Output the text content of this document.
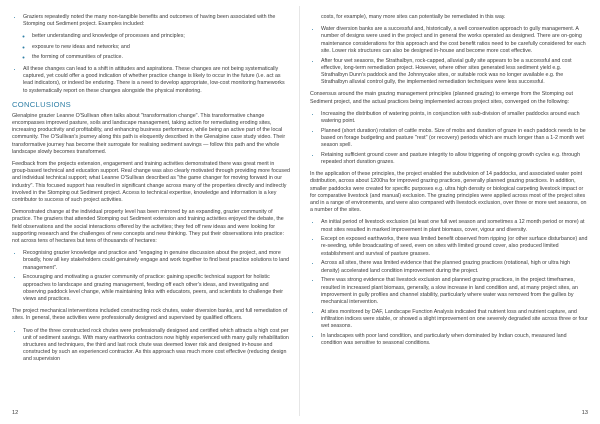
• Graziers repeatedly noted the many non-tangible benefits and outcomes of having been associated with the Stomping out Sediment project. Examples included:
◦ better understanding and knowledge of processes and principles;
◦ exposure to new ideas and networks; and
◦ the forming of communities of practice.
• All these changes can lead to a shift in attitudes and aspirations. These changes are not being systematically captured, yet could offer a good indication of whether practice change is likely to occur in the future (i.e. act as lead indicators), or indeed be enduring. There is a need to develop appropriate, low-cost monitoring frameworks to systematically report on these changes alongside the physical monitoring.
CONCLUSIONS

Glenalpine grazier Leanne O'Sullivan often talks about "transformation change". This transformative change encompasses improved pasture, soils and landscape management, taking action for remediating eroding sites, increasing productivity and profitability, and enhancing business performance, while being an active part of the local community. The O'Sullivan's journey along this path is eloquently described in the Glenalpine case study video. Their transformative journey has become their surrogate for realising sediment savings — follow this path and the whole landscape slowly becomes transformed.

Feedback from the projects extension, engagement and training activities demonstrated there was great merit in group-based technical and education support. Real change was also clearly motivated through providing more focused and individual technical support; what Leanne O'Sullivan described as "the game changer for moving forward in our industry". This focused support has resulted in significant change across many of the properties directly and indirectly involved in the Stomping out Sediment project. Access to technical expertise, knowledge and information is a key contributor to success of such project activities.

Demonstrated change at the individual property level has been mirrored by an expanding, grazier community of practice. The graziers that attended Stomping out Sediment extension and training activities enjoyed the debate, the field observations and the social interactions offered by the activities; they fed off new ideas and were looking for supporting research and the challenges of new concepts and new thinking. They put their observations into practice: not across tens of hectares but tens of thousands of hectares:

• Recognising grazier knowledge and practice and "engaging in genuine discussion about the project, and more broadly, how all key stakeholders could genuinely engage and work together to find best practice solutions to land management".
• Encouraging and motivating a grazier community of practice: gaining specific technical support for holistic approaches to landscape and grazing management, feeding off each other's ideas, and investigating and observing paddock level change, while maintaining links with educators, peers, and scientists to challenge their views and practices.

The project mechanical interventions included constructing rock chutes, water diversion banks, and full remediation of sites. In general, these activities were professionally designed and supervised by qualified officers.

• Two of the three constructed rock chutes were professionally designed and certified which attracts a high cost per unit of sediment savings. With many earthworks contractors now highly experienced with many gully rehabilitation structures and techniques, the third and last rock chute was deemed lower risk and designed in-house and constructed by such an experienced contractor. As this approach was much more cost effective (reducing design and supervision
12

costs, for example), many more sites can potentially be remediated in this way.

• Water diversion banks are a successful and, historically, a well conservation approach to gully management. A number of designs were used in the project and in general the works operated as designed. There are on-going maintenance considerations for this approach and the cost benefit ratios need to be carefully considered for each site. Lower risk structures can also be designed in-house and become more cost effective.
• After four wet seasons, the Strathalbyn, rock-capped, alluvial gully site appears to be a successful and cost effective, long-term remediation project. However, where other sites generated less sediment yield e.g. Strathalbyn Dunn's paddock and the Johnnycake sites, or suitable rock was no longer available e.g. the Strathalbyn alluvial control gully, the implemented remediation techniques were less successful.

Consensus around the main grazing management principles (planned grazing) to emerge from the Stomping out Sediment project, and the actual practices being implemented across project sites, converged on the following:

• Increasing the distribution of watering points, in conjunction with sub-division of smaller paddocks around each watering point.
• Planned (short duration) rotation of cattle mobs. Size of mobs and duration of graze in each paddock needs to be based on forage budgeting and pasture "rest" (or recovery) periods which are much longer than a 1-2 month wet season spell.
• Retaining sufficient ground cover and pasture integrity to allow triggering of ongoing growth cycles e.g. through repeated short duration grazes.

In the application of these principles, the project enabled the subdivision of 14 paddocks, and associated water point distribution, across about 1200ha for improved grazing practices, generally planned grazing practices. In addition, smaller paddocks were created for specific purposes e.g. ultra high density or biological carpeting livestock impact or for comparative livestock (and manual) exclusion. The grazing principles were applied across most of the project sites and in a range of environments, and were also compared with livestock exclusion, over three or more wet seasons, on a number of the sites.

• An initial period of livestock exclusion (at least one full wet season and sometimes a 12 month period or more) at most sites resulted in marked improvement in plant biomass, cover, vigour and diversity.
• Except on exposed earthworks, there was limited benefit observed from ripping (or other surface disturbance) and re-seeding, while broadcasting of seed, even on sites with limited ground cover, also produced limited establishment and survival of pasture grasses.
• Across all sites, there was limited evidence that the planned grazing practices (rotational, high or ultra high density) accelerated land condition improvement during the project.
• There was strong evidence that livestock exclusion and planned grazing practices, in the project timeframes, resulted in increased plant biomass, generally, a slow increase in land condition and, at many project sites, an improvement in gully profiles and channel stability, particularly where water was removed from the gullies by mechanical intervention.
• At sites monitored by DAF, Landscape Function Analysis indicated that nutrient loss and nutrient capture, and infiltration indices were stable, or showed a slight improvement on one severely degraded site across three or four wet seasons.
• In landscapes with poor land condition, and particularly when dominated by Indian couch, measured land condition was sensitive to seasonal conditions.
13
